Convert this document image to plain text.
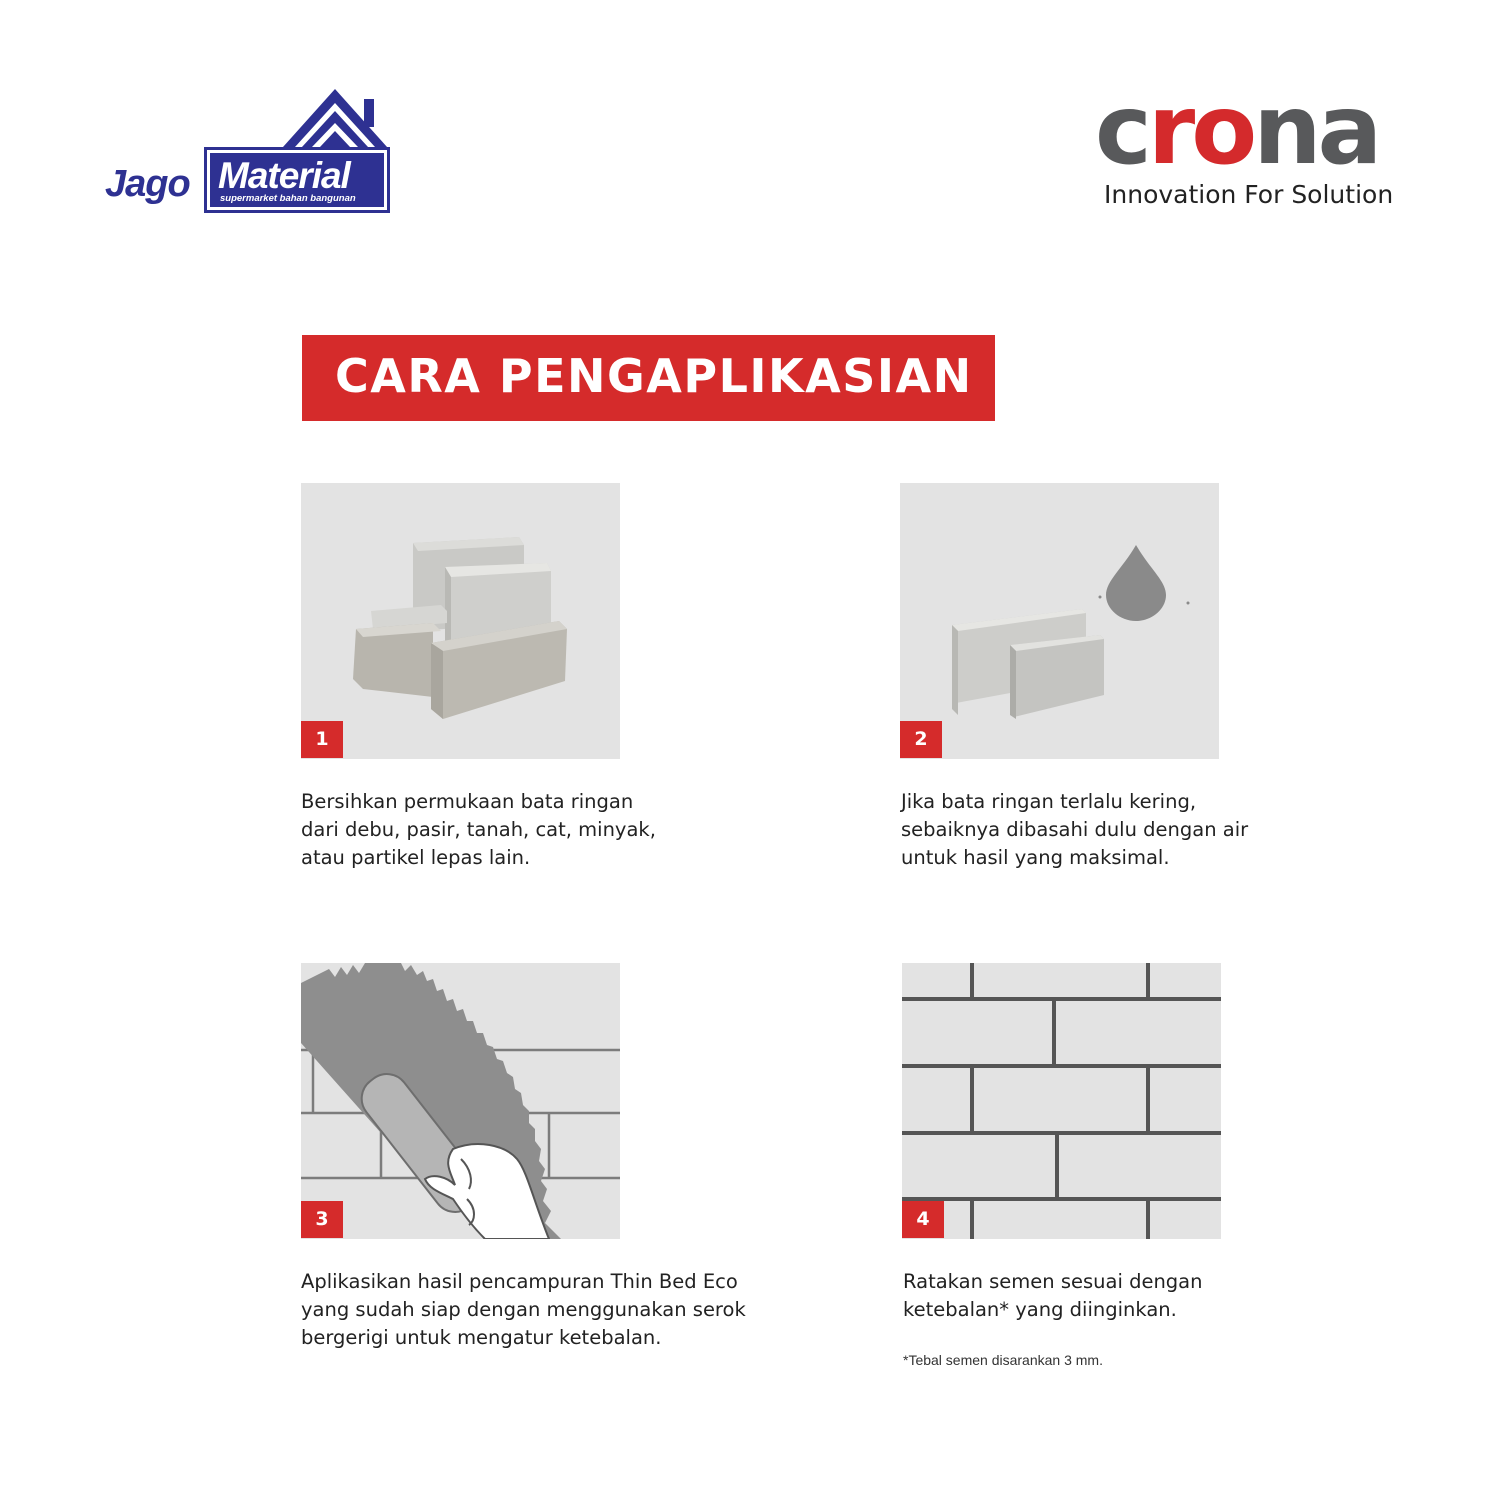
Jago Material
supermarket bahan bangunan
crona
Innovation For Solution
CARA PENGAPLIKASIAN
1	2
3	4
Bersihkan permukaan bata ringan
dari debu, pasir, tanah, cat, minyak,
atau partikel lepas lain.
Jika bata ringan terlalu kering,
sebaiknya dibasahi dulu dengan air
untuk hasil yang maksimal.
Aplikasikan hasil pencampuran Thin Bed Eco
yang sudah siap dengan menggunakan serok
bergerigi untuk mengatur ketebalan.
Ratakan semen sesuai dengan
ketebalan* yang diinginkan.
*Tebal semen disarankan 3 mm.
